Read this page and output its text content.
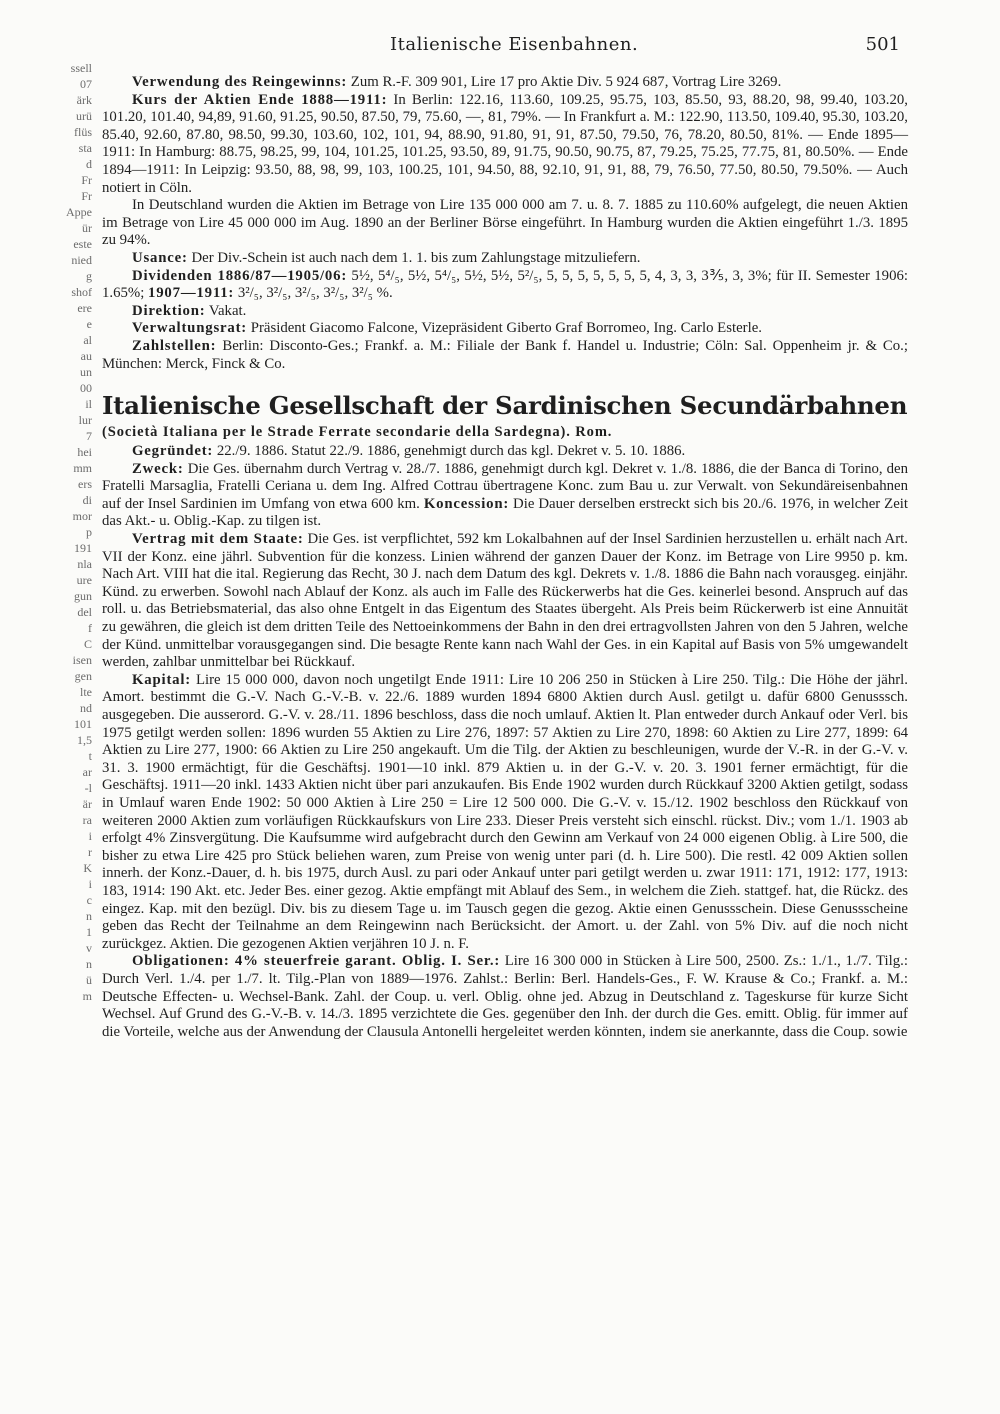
ssell
07
ärk
urü
flüs
sta
d
Fr
Fr
Appe
ür
este
nied
g
shof
ere
e
al
au
un
00
il
lur
7
hei
mm
ers
di
mor
p
191
nla
ure
gun
del
f
C
isen
gen
lte
nd
101
1,5
t
ar
-l
är
ra
i
r
K
i
c
n
1
v
n
ü
m
Italienische Eisenbahnen.	501

Verwendung des Reingewinns: Zum R.-F. 309 901, Lire 17 pro Aktie Div. 5 924 687, Vortrag Lire 3269.

Kurs der Aktien Ende 1888—1911: In Berlin: 122.16, 113.60, 109.25, 95.75, 103, 85.50, 93, 88.20, 98, 99.40, 103.20, 101.20, 101.40, 94,89, 91.60, 91.25, 90.50, 87.50, 79, 75.60, —, 81, 79%. — In Frankfurt a. M.: 122.90, 113.50, 109.40, 95.30, 103.20, 85.40, 92.60, 87.80, 98.50, 99.30, 103.60, 102, 101, 94, 88.90, 91.80, 91, 91, 87.50, 79.50, 76, 78.20, 80.50, 81%. — Ende 1895—1911: In Hamburg: 88.75, 98.25, 99, 104, 101.25, 101.25, 93.50, 89, 91.75, 90.50, 90.75, 87, 79.25, 75.25, 77.75, 81, 80.50%. — Ende 1894—1911: In Leipzig: 93.50, 88, 98, 99, 103, 100.25, 101, 94.50, 88, 92.10, 91, 91, 88, 79, 76.50, 77.50, 80.50, 79.50%. — Auch notiert in Cöln.

In Deutschland wurden die Aktien im Betrage von Lire 135 000 000 am 7. u. 8. 7. 1885 zu 110.60% aufgelegt, die neuen Aktien im Betrage von Lire 45 000 000 im Aug. 1890 an der Berliner Börse eingeführt. In Hamburg wurden die Aktien eingeführt 1./3. 1895 zu 94%.

Usance: Der Div.-Schein ist auch nach dem 1. 1. bis zum Zahlungstage mitzuliefern.

Dividenden 1886/87—1905/06: 5½, 5⁴/₅, 5½, 5⁴/₅, 5½, 5½, 5²/₅, 5, 5, 5, 5, 5, 5, 5, 4, 3, 3, 3⅗, 3, 3%; für II. Semester 1906: 1.65%; 1907—1911: 3²/₅, 3²/₅, 3²/₅, 3²/₅, 3²/₅ %.

Direktion: Vakat.

Verwaltungsrat: Präsident Giacomo Falcone, Vizepräsident Giberto Graf Borromeo, Ing. Carlo Esterle.

Zahlstellen: Berlin: Disconto-Ges.; Frankf. a. M.: Filiale der Bank f. Handel u. Industrie; Cöln: Sal. Oppenheim jr. & Co.; München: Merck, Finck & Co.

Italienische Gesellschaft der Sardinischen Secundärbahnen
(Società Italiana per le Strade Ferrate secondarie della Sardegna). Rom.

Gegründet: 22./9. 1886. Statut 22./9. 1886, genehmigt durch das kgl. Dekret v. 5. 10. 1886.

Zweck: Die Ges. übernahm durch Vertrag v. 28./7. 1886, genehmigt durch kgl. Dekret v. 1./8. 1886, die der Banca di Torino, den Fratelli Marsaglia, Fratelli Ceriana u. dem Ing. Alfred Cottrau übertragene Konc. zum Bau u. zur Verwalt. von Sekundäreisenbahnen auf der Insel Sardinien im Umfang von etwa 600 km. Koncession: Die Dauer derselben erstreckt sich bis 20./6. 1976, in welcher Zeit das Akt.- u. Oblig.-Kap. zu tilgen ist.

Vertrag mit dem Staate: Die Ges. ist verpflichtet, 592 km Lokalbahnen auf der Insel Sardinien herzustellen u. erhält nach Art. VII der Konz. eine jährl. Subvention für die konzess. Linien während der ganzen Dauer der Konz. im Betrage von Lire 9950 p. km. Nach Art. VIII hat die ital. Regierung das Recht, 30 J. nach dem Datum des kgl. Dekrets v. 1./8. 1886 die Bahn nach vorausgeg. einjähr. Künd. zu erwerben. Sowohl nach Ablauf der Konz. als auch im Falle des Rückerwerbs hat die Ges. keinerlei besond. Anspruch auf das roll. u. das Betriebsmaterial, das also ohne Entgelt in das Eigentum des Staates übergeht. Als Preis beim Rückerwerb ist eine Annuität zu gewähren, die gleich ist dem dritten Teile des Nettoeinkommens der Bahn in den drei ertragvollsten Jahren von den 5 Jahren, welche der Künd. unmittelbar vorausgegangen sind. Die besagte Rente kann nach Wahl der Ges. in ein Kapital auf Basis von 5% umgewandelt werden, zahlbar unmittelbar bei Rückkauf.

Kapital: Lire 15 000 000, davon noch ungetilgt Ende 1911: Lire 10 206 250 in Stücken à Lire 250. Tilg.: Die Höhe der jährl. Amort. bestimmt die G.-V. Nach G.-V.-B. v. 22./6. 1889 wurden 1894 6800 Aktien durch Ausl. getilgt u. dafür 6800 Genusssch. ausgegeben. Die ausserord. G.-V. v. 28./11. 1896 beschloss, dass die noch umlauf. Aktien lt. Plan entweder durch Ankauf oder Verl. bis 1975 getilgt werden sollen: 1896 wurden 55 Aktien zu Lire 276, 1897: 57 Aktien zu Lire 270, 1898: 60 Aktien zu Lire 277, 1899: 64 Aktien zu Lire 277, 1900: 66 Aktien zu Lire 250 angekauft. Um die Tilg. der Aktien zu beschleunigen, wurde der V.-R. in der G.-V. v. 31. 3. 1900 ermächtigt, für die Geschäftsj. 1901—10 inkl. 879 Aktien u. in der G.-V. v. 20. 3. 1901 ferner ermächtigt, für die Geschäftsj. 1911—20 inkl. 1433 Aktien nicht über pari anzukaufen. Bis Ende 1902 wurden durch Rückkauf 3200 Aktien getilgt, sodass in Umlauf waren Ende 1902: 50 000 Aktien à Lire 250 = Lire 12 500 000. Die G.-V. v. 15./12. 1902 beschloss den Rückkauf von weiteren 2000 Aktien zum vorläufigen Rückkaufskurs von Lire 233. Dieser Preis versteht sich einschl. rückst. Div.; vom 1./1. 1903 ab erfolgt 4% Zinsvergütung. Die Kaufsumme wird aufgebracht durch den Gewinn am Verkauf von 24 000 eigenen Oblig. à Lire 500, die bisher zu etwa Lire 425 pro Stück beliehen waren, zum Preise von wenig unter pari (d. h. Lire 500). Die restl. 42 009 Aktien sollen innerh. der Konz.-Dauer, d. h. bis 1975, durch Ausl. zu pari oder Ankauf unter pari getilgt werden u. zwar 1911: 171, 1912: 177, 1913: 183, 1914: 190 Akt. etc. Jeder Bes. einer gezog. Aktie empfängt mit Ablauf des Sem., in welchem die Zieh. stattgef. hat, die Rückz. des eingez. Kap. mit den bezügl. Div. bis zu diesem Tage u. im Tausch gegen die gezog. Aktie einen Genussschein. Diese Genussscheine geben das Recht der Teilnahme an dem Reingewinn nach Berücksicht. der Amort. u. der Zahl. von 5% Div. auf die noch nicht zurückgez. Aktien. Die gezogenen Aktien verjähren 10 J. n. F.

Obligationen: 4% steuerfreie garant. Oblig. I. Ser.: Lire 16 300 000 in Stücken à Lire 500, 2500. Zs.: 1./1., 1./7. Tilg.: Durch Verl. 1./4. per 1./7. lt. Tilg.-Plan von 1889—1976. Zahlst.: Berlin: Berl. Handels-Ges., F. W. Krause & Co.; Frankf. a. M.: Deutsche Effecten- u. Wechsel-Bank. Zahl. der Coup. u. verl. Oblig. ohne jed. Abzug in Deutschland z. Tageskurse für kurze Sicht Wechsel. Auf Grund des G.-V.-B. v. 14./3. 1895 verzichtete die Ges. gegenüber den Inh. der durch die Ges. emitt. Oblig. für immer auf die Vorteile, welche aus der Anwendung der Clausula Antonelli hergeleitet werden könnten, indem sie anerkannte, dass die Coup. sowie
